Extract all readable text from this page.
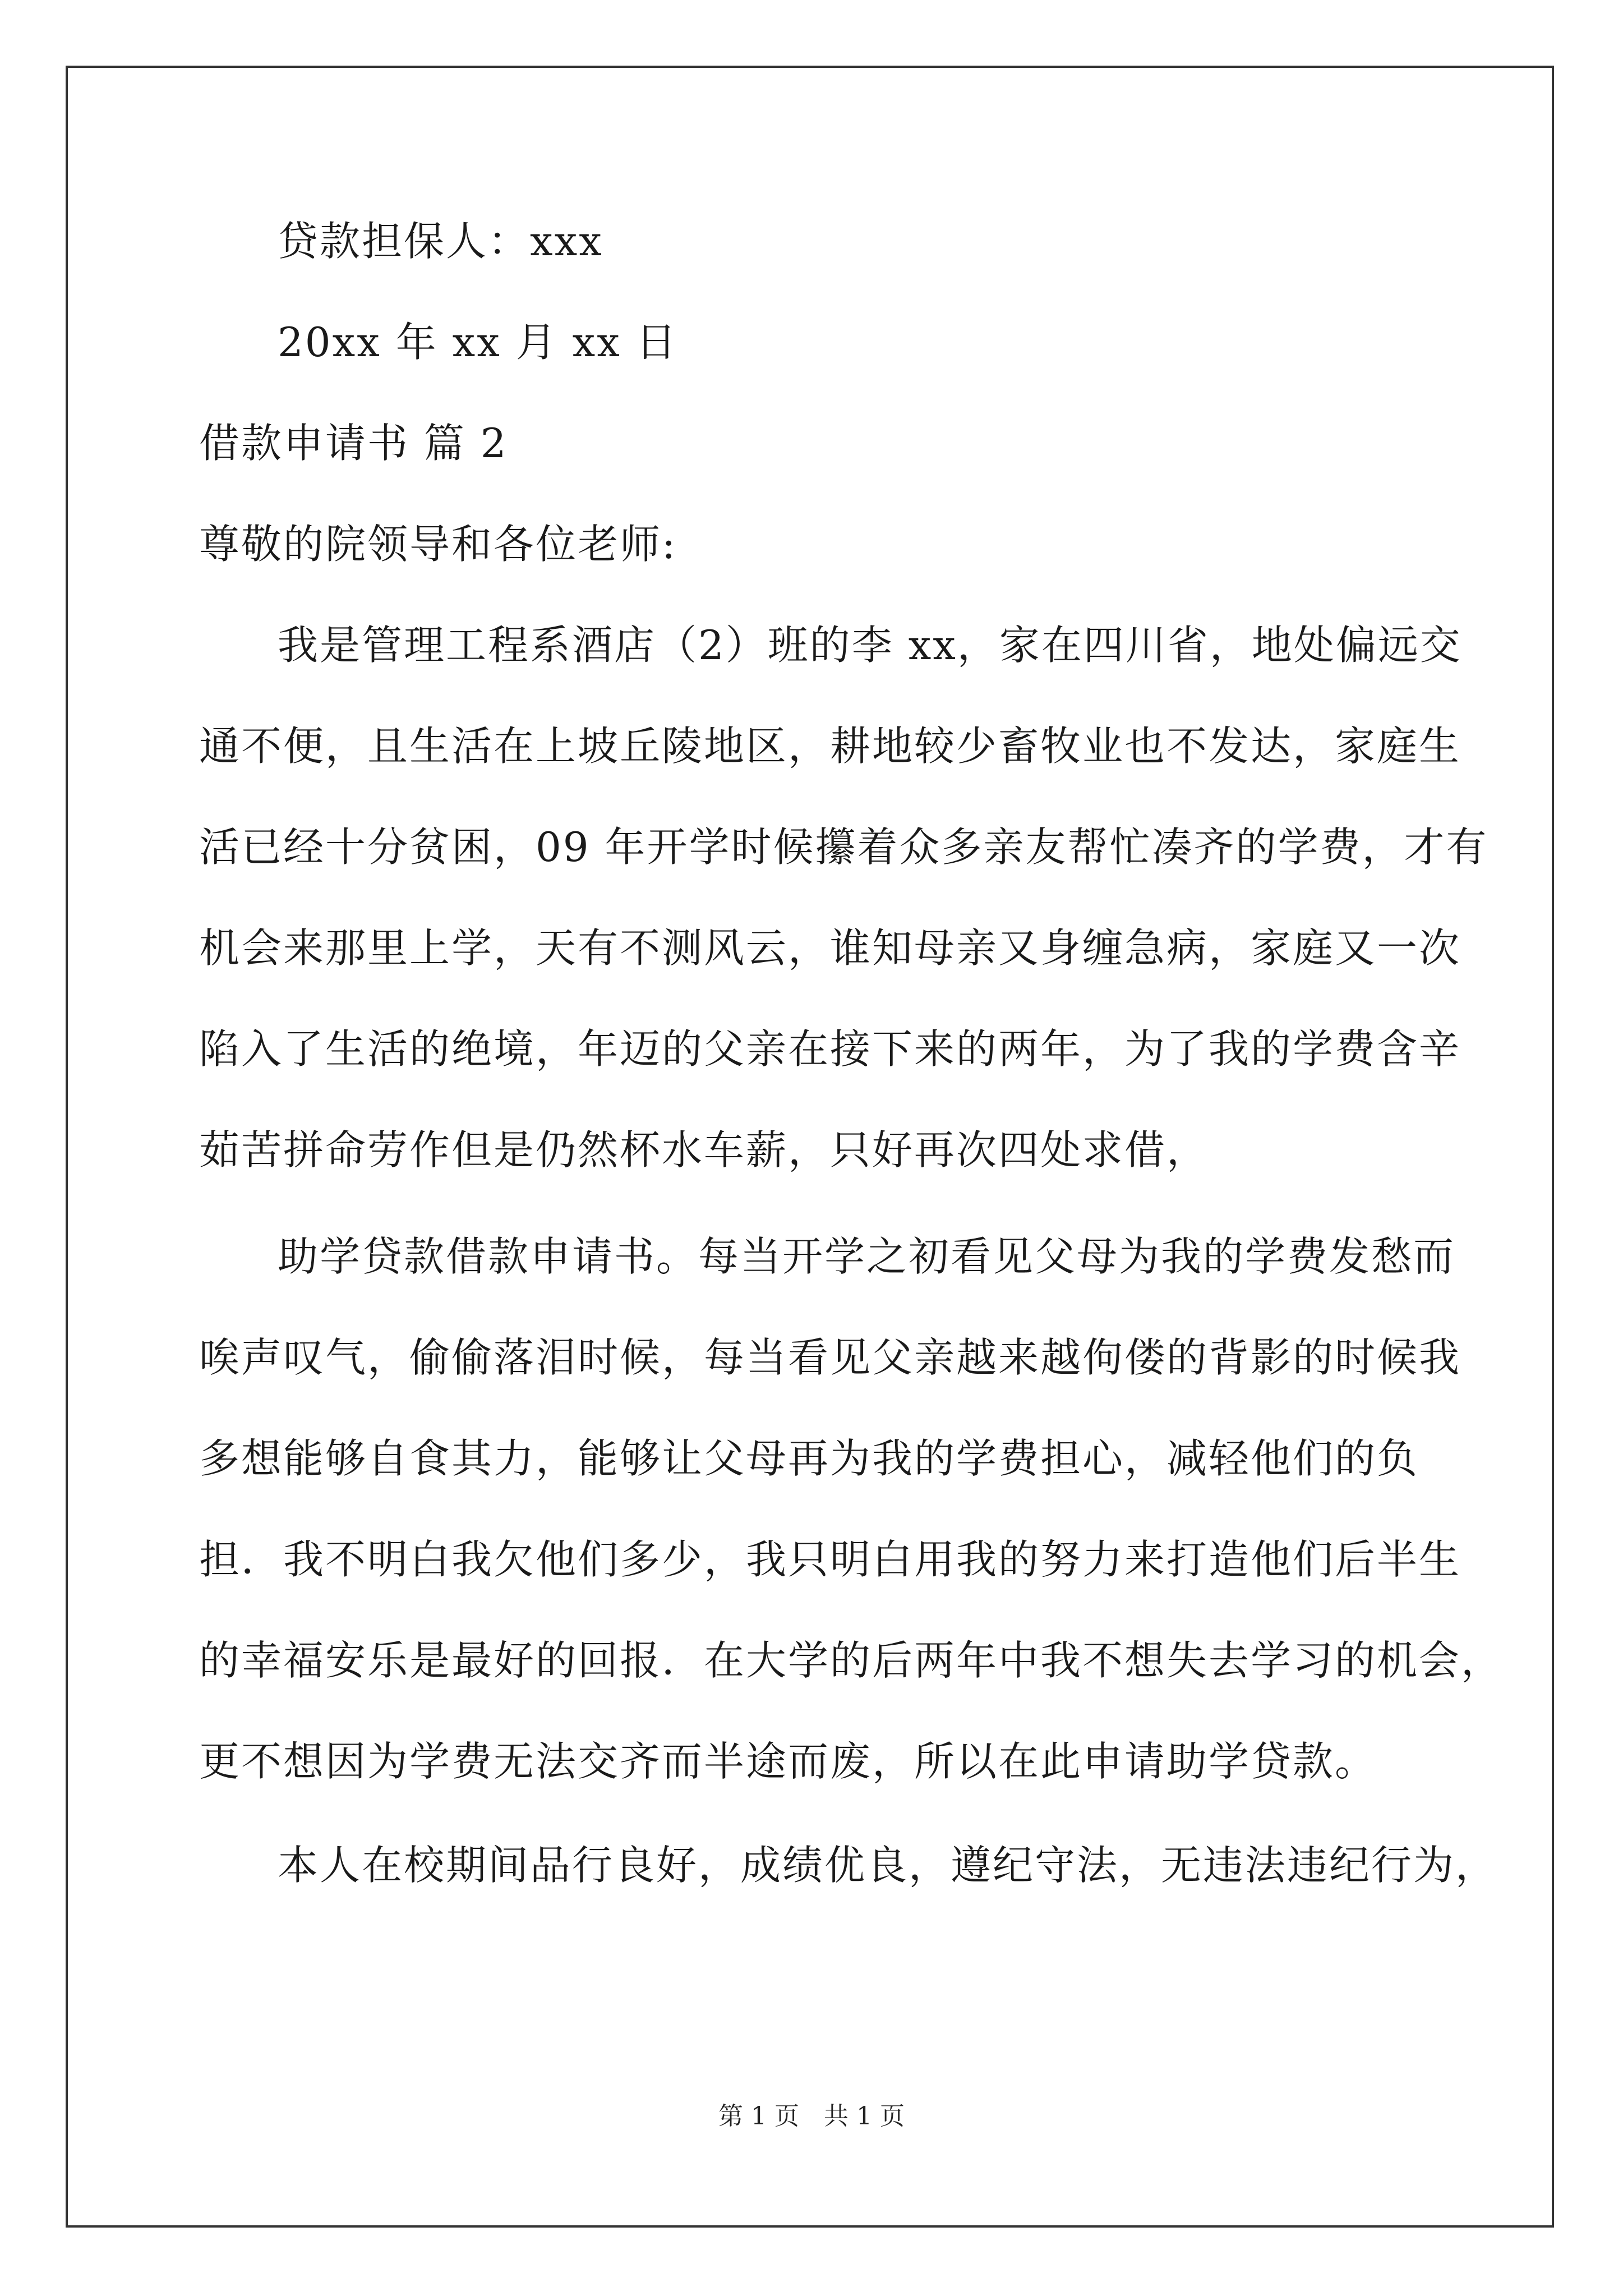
贷款担保人：xxx
20xx 年 xx 月 xx 日
借款申请书 篇 2
尊敬的院领导和各位老师:
我是管理工程系酒店（2）班的李 xx，家在四川省，地处偏远交
通不便，且生活在上坡丘陵地区，耕地较少畜牧业也不发达，家庭生
活已经十分贫困，09 年开学时候攥着众多亲友帮忙凑齐的学费，才有
机会来那里上学，天有不测风云，谁知母亲又身缠急病，家庭又一次
陷入了生活的绝境，年迈的父亲在接下来的两年，为了我的学费含辛
茹苦拼命劳作但是仍然杯水车薪，只好再次四处求借，
助学贷款借款申请书。每当开学之初看见父母为我的学费发愁而
唉声叹气，偷偷落泪时候，每当看见父亲越来越佝偻的背影的时候我
多想能够自食其力，能够让父母再为我的学费担心，减轻他们的负
担．我不明白我欠他们多少，我只明白用我的努力来打造他们后半生
的幸福安乐是最好的回报．在大学的后两年中我不想失去学习的机会，
更不想因为学费无法交齐而半途而废，所以在此申请助学贷款。
本人在校期间品行良好，成绩优良，遵纪守法，无违法违纪行为，
第 1 页　共 1 页
